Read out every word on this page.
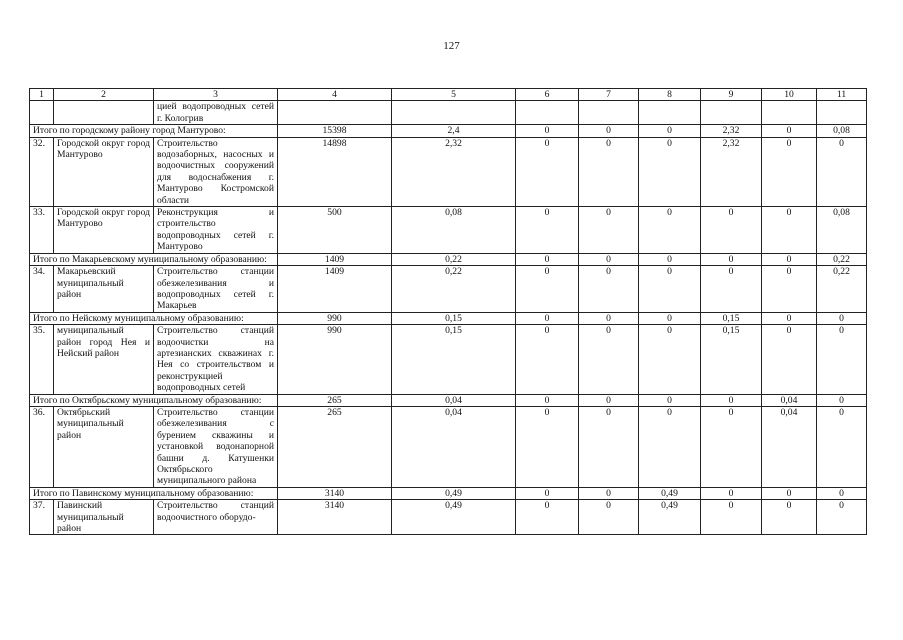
127
1	2	3	4	5	6	7	8	9	10	11
		цией водопроводных сетей г. Кологрив								
Итого по городскому району город Мантурово:			15398	2,4	0	0	0	2,32	0	0,08
32.	Городской округ город Мантурово	Строительство водозаборных, насосных и водоочистных сооружений для водоснабжения г. Мантурово Костромской области	14898	2,32	0	0	0	2,32	0	0
33.	Городской округ город Мантурово	Реконструкция и строительство водопроводных сетей г. Мантурово	500	0,08	0	0	0	0	0	0,08
Итого по Макарьевскому муниципальному образованию:			1409	0,22	0	0	0	0	0	0,22
34.	Макарьевский муниципальный район	Строительство станции обезжелезивания и водопроводных сетей г. Макарьев	1409	0,22	0	0	0	0	0	0,22
Итого по Нейскому муниципальному образованию:			990	0,15	0	0	0	0,15	0	0
35.	муниципальный район город Нея и Нейский район	Строительство станций водоочистки на артезианских скважинах г. Нея со строительством и реконструкцией водопроводных сетей	990	0,15	0	0	0	0,15	0	0
Итого по Октябрьскому муниципальному образованию:			265	0,04	0	0	0	0	0,04	0
36.	Октябрьский муниципальный район	Строительство станции обезжелезивания с бурением скважины и установкой водонапорной башни д. Катушенки Октябрьского муниципального района	265	0,04	0	0	0	0	0,04	0
Итого по Павинскому муниципальному образованию:			3140	0,49	0	0	0,49	0	0	0
37.	Павинский муниципальный район	Строительство станций водоочистного оборудо-	3140	0,49	0	0	0,49	0	0	0
